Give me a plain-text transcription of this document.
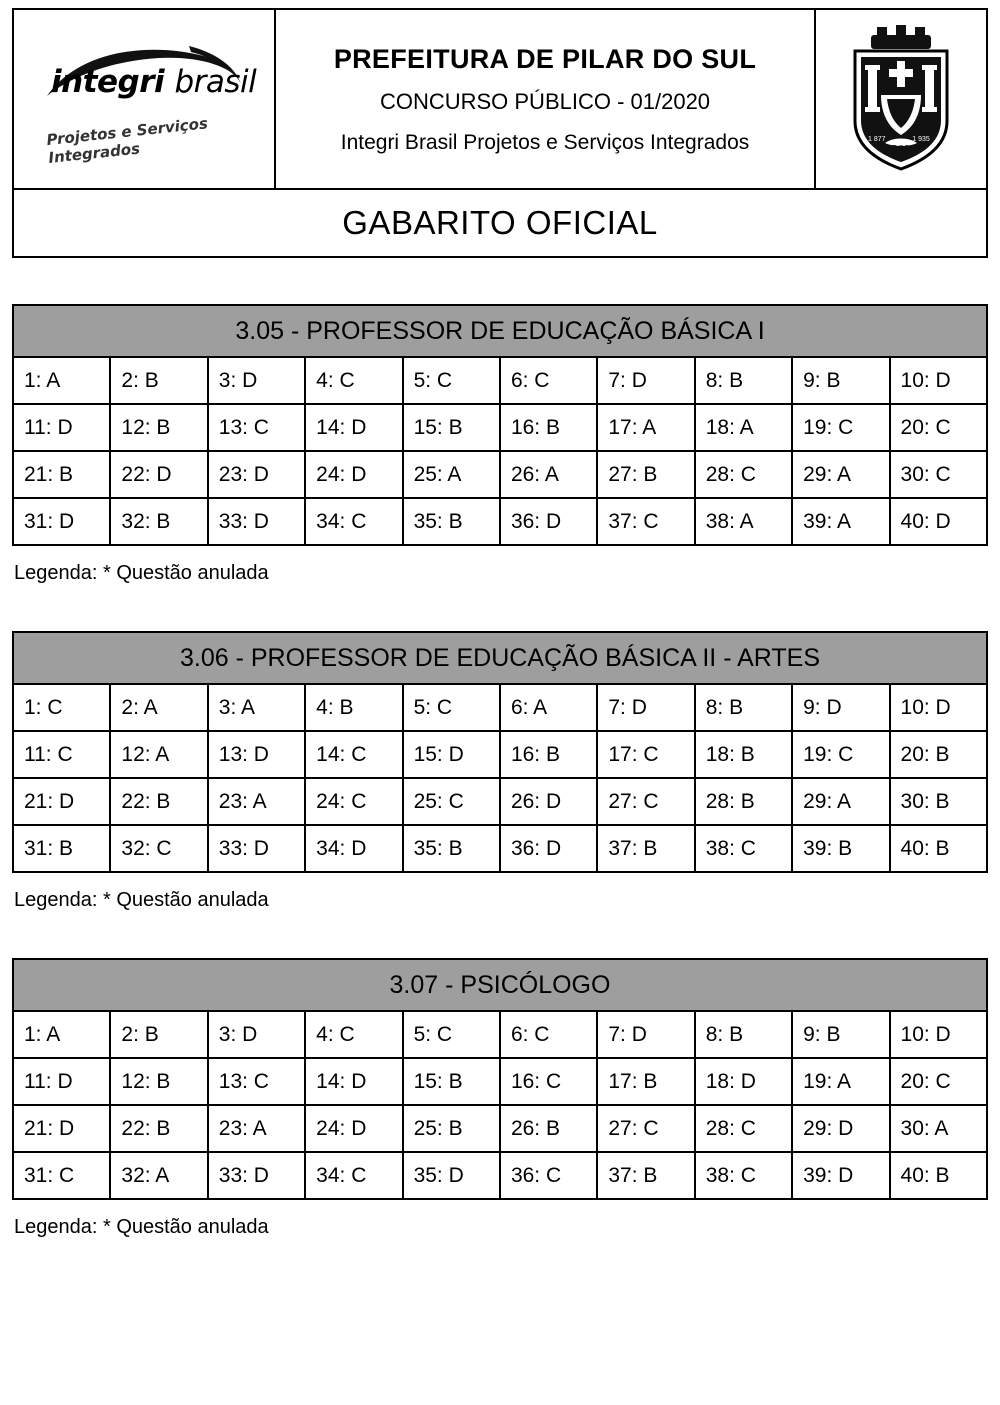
integri brasil
Projetos e Serviços Integrados
PREFEITURA DE PILAR DO SUL
CONCURSO PÚBLICO - 01/2020
Integri Brasil Projetos e Serviços Integrados	1 877	1 935
PILAR DO SUL
GABARITO OFICIAL
3.05 - PROFESSOR DE EDUCAÇÃO BÁSICA I
1: A	2: B	3: D	4: C	5: C	6: C	7: D	8: B	9: B	10: D
11: D	12: B	13: C	14: D	15: B	16: B	17: A	18: A	19: C	20: C
21: B	22: D	23: D	24: D	25: A	26: A	27: B	28: C	29: A	30: C
31: D	32: B	33: D	34: C	35: B	36: D	37: C	38: A	39: A	40: D
Legenda: * Questão anulada
3.06 - PROFESSOR DE EDUCAÇÃO BÁSICA II - ARTES
1: C	2: A	3: A	4: B	5: C	6: A	7: D	8: B	9: D	10: D
11: C	12: A	13: D	14: C	15: D	16: B	17: C	18: B	19: C	20: B
21: D	22: B	23: A	24: C	25: C	26: D	27: C	28: B	29: A	30: B
31: B	32: C	33: D	34: D	35: B	36: D	37: B	38: C	39: B	40: B
Legenda: * Questão anulada
3.07 - PSICÓLOGO
1: A	2: B	3: D	4: C	5: C	6: C	7: D	8: B	9: B	10: D
11: D	12: B	13: C	14: D	15: B	16: C	17: B	18: D	19: A	20: C
21: D	22: B	23: A	24: D	25: B	26: B	27: C	28: C	29: D	30: A
31: C	32: A	33: D	34: C	35: D	36: C	37: B	38: C	39: D	40: B
Legenda: * Questão anulada
